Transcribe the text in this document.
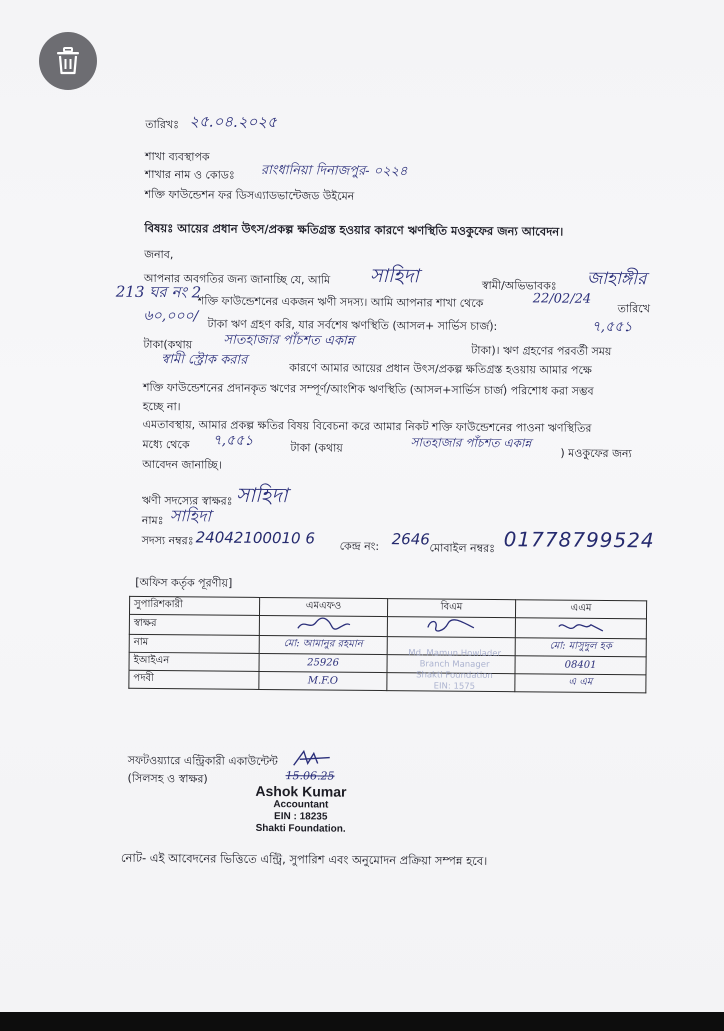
তারিখঃ ২৫.০৪.২০২৫
শাখা ব্যবস্থাপক
শাখার নাম ও কোডঃ রাংধানিয়া দিনাজপুর- ০২২৪
শক্তি ফাউন্ডেশন ফর ডিসএ্যাডভান্টেজড উইমেন
বিষয়ঃ আয়ের প্রধান উৎস/প্রকল্প ক্ষতিগ্রস্ত হওয়ার কারণে ঋণস্থিতি মওকুফের জন্য আবেদন।
জনাব,
আপনার অবগতির জন্য জানাচ্ছি যে, আমি সাহিদা	স্বামী/অভিভাবকঃ জাহাঙ্গীর
213 ঘর নং 2
শক্তি ফাউন্ডেশনের একজন ঋণী সদস্য। আমি আপনার শাখা থেকে	22/02/24
তারিখে
৬০,০০০/
টাকা ঋণ গ্রহণ করি, যার সর্বশেষ ঋণস্থিতি (আসল+ সার্ভিস চার্জ):	৭,৫৫১
টাকা(কথায় সাতহাজার পাঁচশত একান্ন
টাকা)। ঋণ গ্রহণের পরবর্তী সময়
স্বামী স্ট্রোক করার
কারণে আমার আয়ের প্রধান উৎস/প্রকল্প ক্ষতিগ্রস্ত হওয়ায় আমার পক্ষে
শক্তি ফাউন্ডেশনের প্রদানকৃত ঋণের সম্পূর্ণ/আংশিক ঋণস্থিতি (আসল+সার্ভিস চার্জ) পরিশোধ করা সম্ভব
হচ্ছে না।
এমতাবস্থায়, আমার প্রকল্প ক্ষতির বিষয় বিবেচনা করে আমার নিকট শক্তি ফাউন্ডেশনের পাওনা ঋণস্থিতির
মধ্যে থেকে ৭,৫৫১	টাকা (কথায়	সাতহাজার পাঁচশত একান্ন
) মওকুফের জন্য
আবেদন জানাচ্ছি।
ঋণী সদস্যের স্বাক্ষরঃ সাহিদা
নামঃ সাহিদা
সদস্য নম্বরঃ 24042100010 6 কেন্দ্র নং: 2646 মোবাইল নম্বরঃ 01778799524
[অফিস কর্তৃক পূরণীয়]
সুপারিশকারী	এমএফও	বিএম	এএম
স্বাক্ষর			
নাম	মো: আমানুর রহমান		মো: মাসুদুল হক
ইআইএন	25926		08401
পদবী	M.F.O		এ এম
Md. Mamun Howlader
Branch Manager
Shakti Foundation
EIN: 1575
সফটওয়্যারে এন্ট্রিকারী একাউন্টেন্ট
(সিলসহ ও স্বাক্ষর)	15.06.25
Ashok Kumar
Accountant
EIN : 18235
Shakti Foundation.
নোট- এই আবেদনের ভিত্তিতে এন্ট্রি, সুপারিশ এবং অনুমোদন প্রক্রিয়া সম্পন্ন হবে।
